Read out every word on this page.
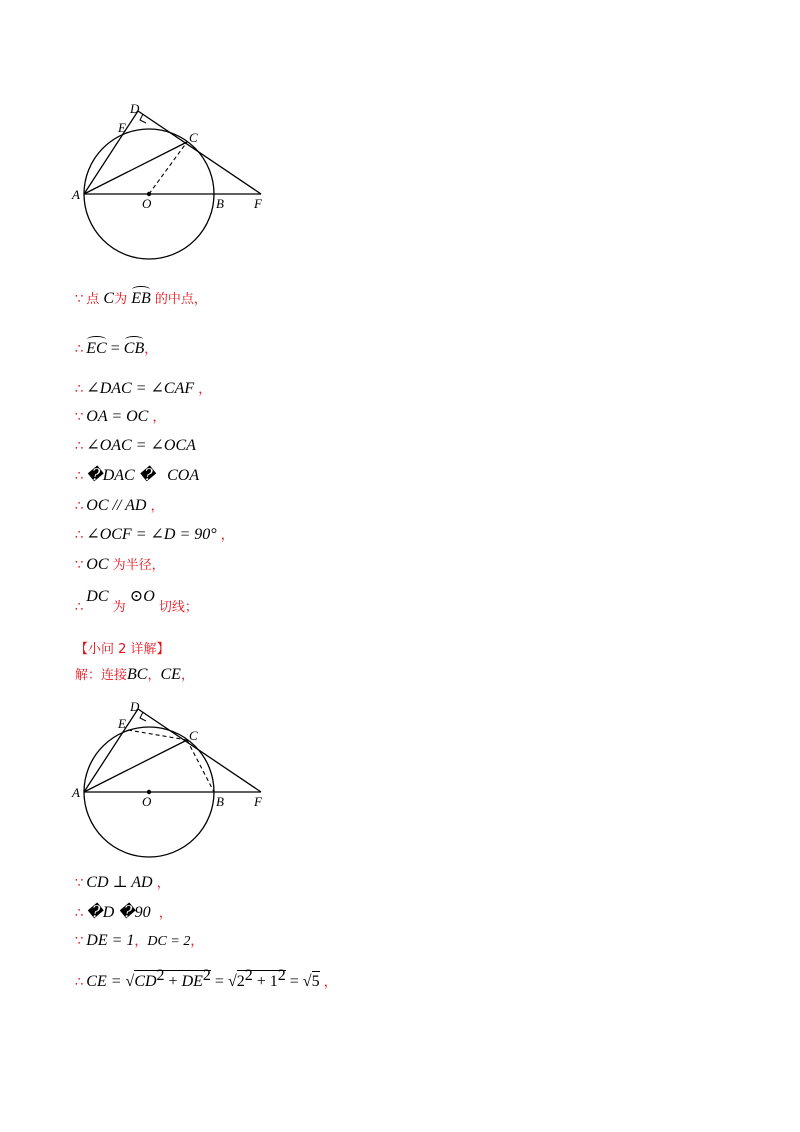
D
E
C
A
O	B F
∵ 点 C为 EB 的中点，
∴ EC = CB，
∴ ∠DAC = ∠CAF ，
∵ OA = OC ，
∴ ∠OAC = ∠OCA
∴ �DAC �   COA
∴ OC // AD ，
∴ ∠OCF = ∠D = 90° ，
∵ OC 为半径，
∴DC 为 ⊙O 切线；
【小问 2 详解】
解：连接BC，CE，
D
E
C
A
O	B F
∵ CD ⊥ AD ，
∴ �D �90  ，
∵ DE = 1，DC = 2，
∴ CE = $√CD^2 + DE^2 = √2^2 + 1^2 = √5$ ，
